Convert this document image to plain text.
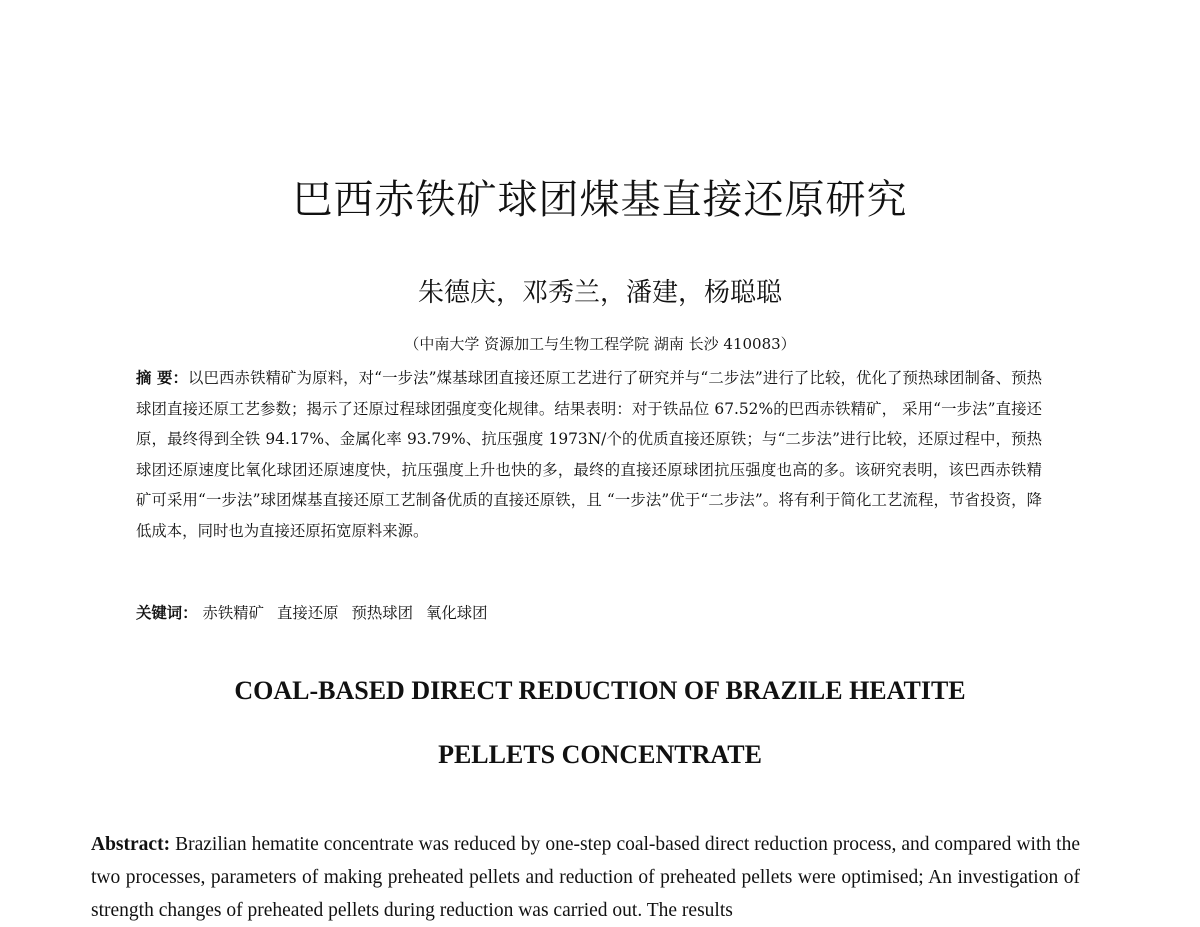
巴西赤铁矿球团煤基直接还原研究
朱德庆，邓秀兰，潘建，杨聪聪
（中南大学 资源加工与生物工程学院 湖南 长沙 410083）
摘 要：以巴西赤铁精矿为原料，对“一步法”煤基球团直接还原工艺进行了研究并与“二步法”进行了比较，优化了预热球团制备、预热球团直接还原工艺参数；揭示了还原过程球团强度变化规律。结果表明：对于铁品位 67.52%的巴西赤铁精矿， 采用“一步法”直接还原，最终得到全铁 94.17%、金属化率 93.79%、抗压强度 1973N/个的优质直接还原铁；与“二步法”进行比较，还原过程中，预热球团还原速度比氧化球团还原速度快，抗压强度上升也快的多，最终的直接还原球团抗压强度也高的多。该研究表明，该巴西赤铁精矿可采用“一步法”球团煤基直接还原工艺制备优质的直接还原铁，且 “一步法”优于“二步法”。将有利于简化工艺流程，节省投资，降低成本，同时也为直接还原拓宽原料来源。
关键词： 赤铁精矿 直接还原 预热球团 氧化球团
COAL-BASED DIRECT REDUCTION OF BRAZILE HEATITE
PELLETS CONCENTRATE
Abstract: Brazilian hematite concentrate was reduced by one-step coal-based direct reduction process, and compared with the two processes, parameters of making preheated pellets and reduction of preheated pellets were optimised; An investigation of strength changes of preheated pellets during reduction was carried out. The results
